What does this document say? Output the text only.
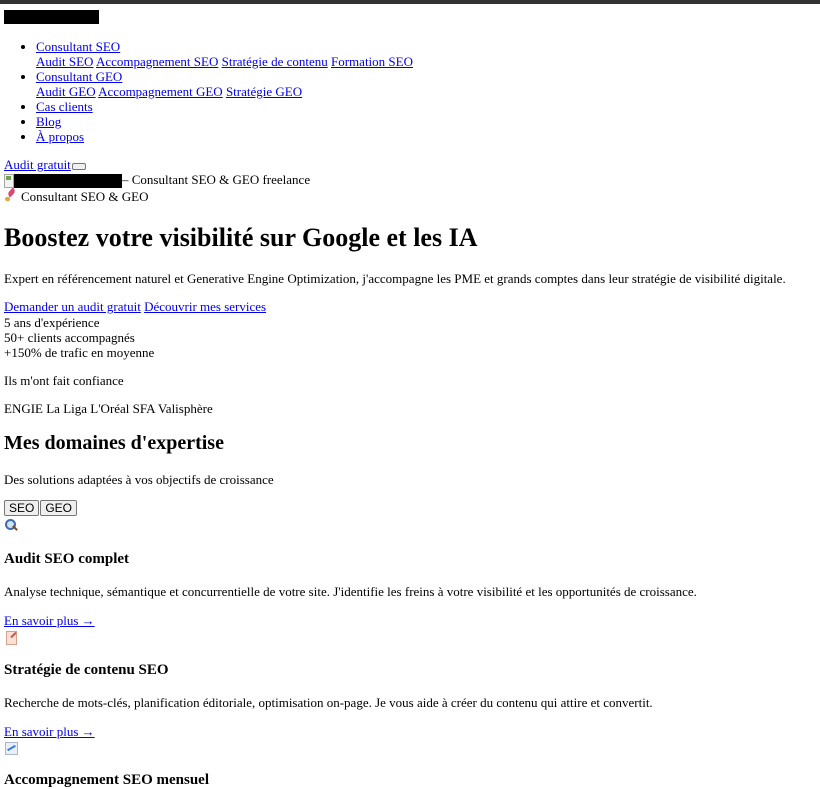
• Consultant SEO
Audit SEO Accompagnement SEO Stratégie de contenu Formation SEO
• Consultant GEO
Audit GEO Accompagnement GEO Stratégie GEO
• Cas clients
• Blog
• À propos
Audit gratuit
– Consultant SEO & GEO freelance
Consultant SEO & GEO
Boostez votre visibilité sur Google et les IA

Expert en référencement naturel et Generative Engine Optimization, j'accompagne les PME et grands comptes dans leur stratégie de visibilité digitale.

Demander un audit gratuit Découvrir mes services
5 ans d'expérience
50+ clients accompagnés
+150% de trafic en moyenne

Ils m'ont fait confiance

ENGIE La Liga L'Oréal SFA Valisphère

Mes domaines d'expertise

Des solutions adaptées à vos objectifs de croissance

SEO GEO
Audit SEO complet

Analyse technique, sémantique et concurrentielle de votre site. J'identifie les freins à votre visibilité et les opportunités de croissance.

En savoir plus →
Stratégie de contenu SEO

Recherche de mots-clés, planification éditoriale, optimisation on-page. Je vous aide à créer du contenu qui attire et convertit.

En savoir plus →
Accompagnement SEO mensuel
